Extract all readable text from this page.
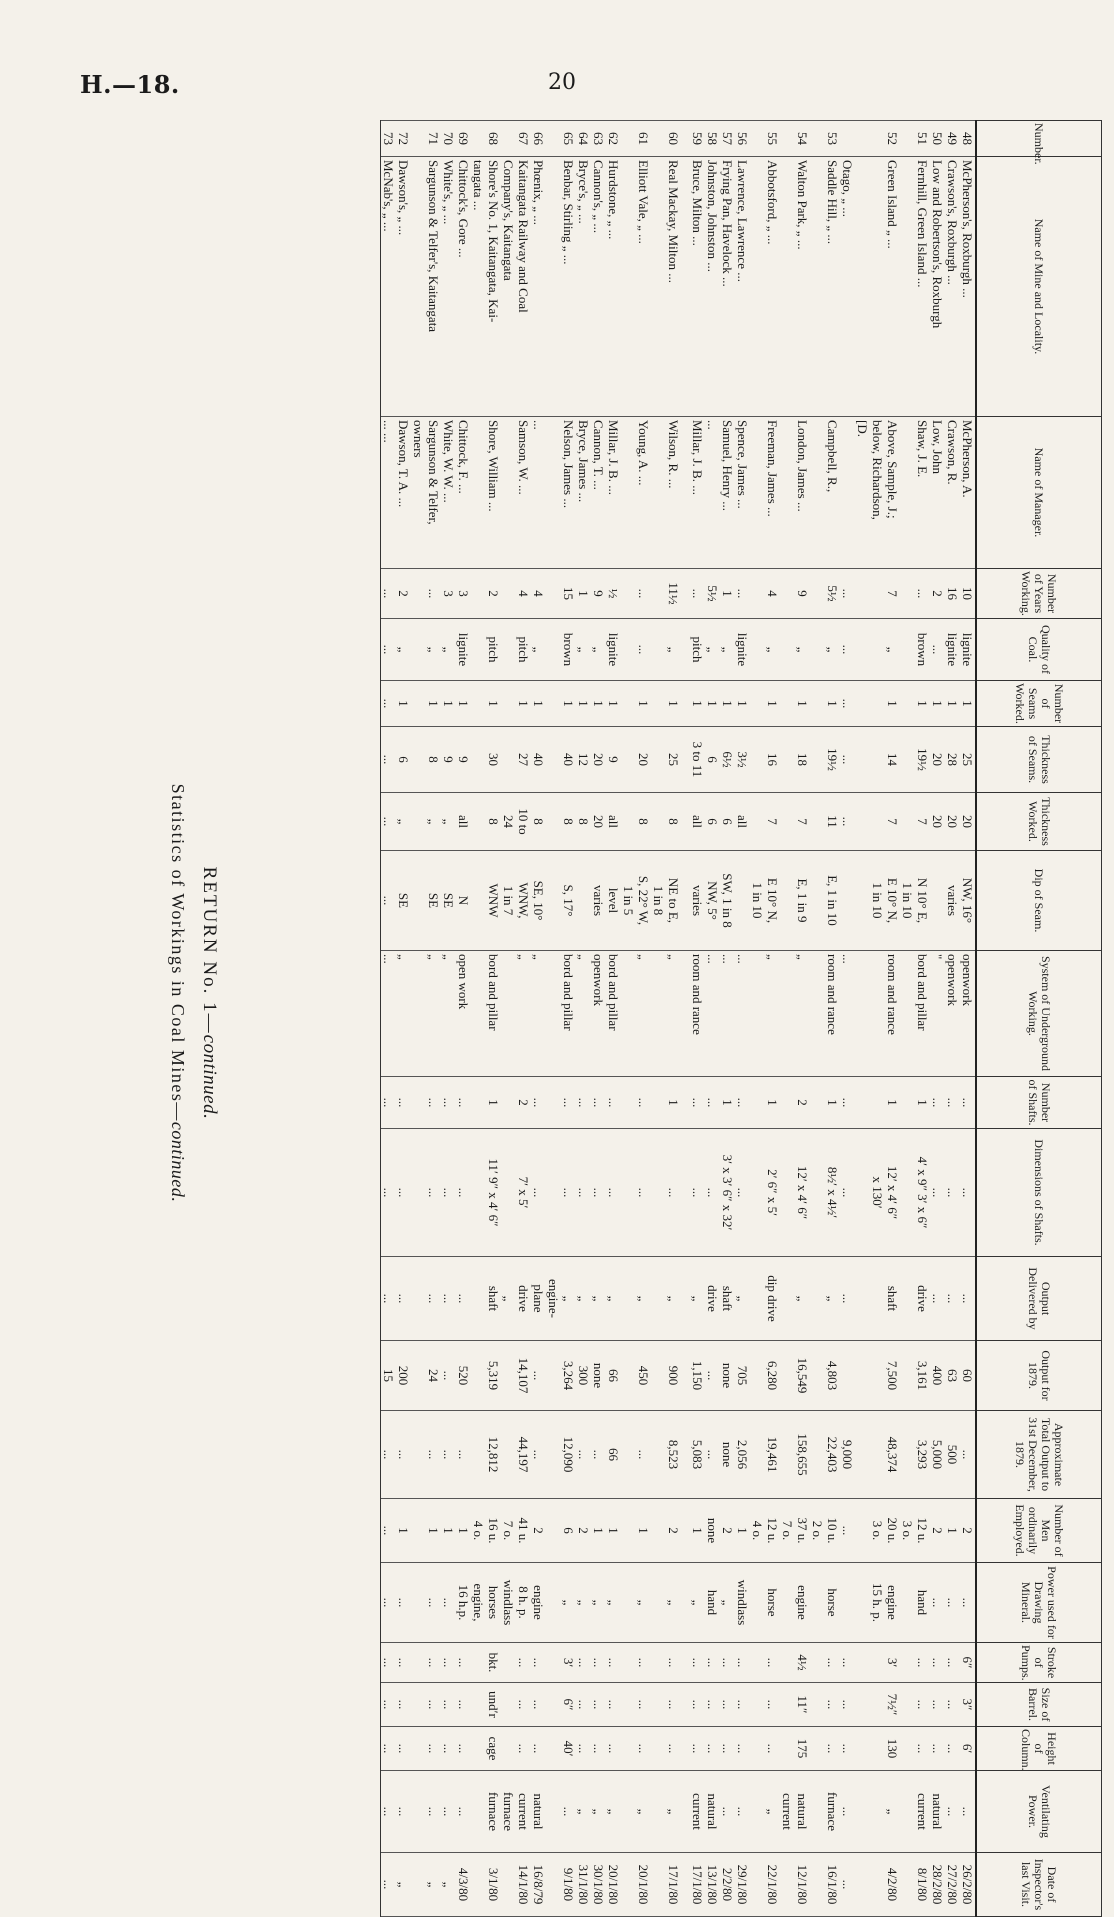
H.—18.	20
Number.	Name of Mine and Locality.	Name of Manager.	Number of Years Working.	Quality of Coal.	Number of Seams Worked.	Thickness of Seams.	Thickness Worked.	Dip of Seam.	System of Underground Working.	Number of Shafts.	Dimensions of Shafts.	Output Delivered by	Output for 1879.	Approximate Total Output to 31st December, 1879.	Number of Men ordinarily Employed.	Power used for Drawing Mineral.	Stroke of Pumps.	Size of Barrel.	Height of Column.	Ventilating Power.	Date of Inspector's last Visit.
48	McPherson's, Roxburgh ...	McPherson, A.	10	lignite	1	25	20	NW, 16°	openwork	...	...	...	60	...	2	...	6″	3″	6′	...	26/2/80
49	Crawson's, Roxburgh ...	Crawson, R.	16	lignite	1	28	20	varies	openwork	...	...	...	63	500	1	...	...	...	...	...	27/2/80
50	Low and Robertson's, Roxburgh	Low, John	2	...	1	20	20		"	...	...	...	400	5,000	2	...	...	...	...	natural	28/2/80
51	Fernhill, Green Island ...	Shaw, J. E.	...	brown	1	19½	7	N 10° E,	bord and pillar	1	4′ x 9″ 3′ x 6″	drive	3,161	3,293	12 u.	hand	...	...	...	current	8/1/80
								1 in 10							3 o.						
52	Green Island „ ...	Above, Sample, J.;	7	„	1	14	7	E 10° N,	room and rance	1	12′ x 4′ 6″	shaft	7,500	48,374	20 u.	engine	3′	7½″	130	„	4/2/80
		below, Richardson,						1 in 10			x 130′				3 o.	15 h. p.					
		[D.																			
	Otago, „ ...		...	...	...	...	...		...	...	...	...		9,000	...		...	...	...	...	...
53	Saddle Hill, „ ...	Campbell, R.,	5½	„	1	19½	11	E, 1 in 10	room and rance	1	8½′ x 4½′	„	4,803	22,403	10 u.	horse	...	...	...	furnace	16/1/80
															2 o.						
54	Walton Park, „ ...	London, James ...	9	„	1	18	7	E, 1 in 9	„	2	12′ x 4′ 6″	„	16,549	158,655	37 u.	engine	4½	11″	175	natural	12/1/80
															7 o.					current	
55	Abbotsford, „ ...	Freeman, James ...	4	„	1	16	7	E 10° N,	„	1	2′ 6″ x 5′	dip drive	6,280	19,461	12 u.	horse	...	...	...	„	22/1/80
								1 in 10							4 o.						
56	Lawrence, Lawrence ...	Spence, James ...	...	lignite	1	3½	all		...	...	...	„	705	2,056	1	windlass	...	...	...	...	29/1/80
57	Frying Pan, Havelock ...	Samuel, Henry ...	1	„	1	6½	6	SW, 1 in 8	...	1	3′ x 3′ 6″ x 32′	shaft	none	none	2	„	...	...	...	...	2/2/80
58	Johnston, Johnston ...	...	5½	„	1	6	6	NW, 5°	...	...	...	drive	...	...	none	hand	...	...	...	natural	13/1/80
59	Bruce, Milton ...	Millar, J. B. ...	...	pitch	1	3 to 11	all	varies	room and rance	...	...	„	1,150	5,083	1	„	...	...	...	current	17/1/80

60	Real Mackay, Milton ...	Wilson, R. ...	11½	„	1	25	8	NE to E,	„	1	...	„	900	8,523	2	„	...	...	...	„	17/1/80
								1 in 8													
61	Elliott Vale, „ ...	Young, A. ...	...	...	1	20	8	S, 22° W,	„	...	...	„	450	...	1	„	...	...	...	„	20/1/80
								1 in 5													
62	Hurdstone, „ ...	Millar, J. B. ...	½	lignite	1	9	all	level	bord and pillar	...	...	„	66	66	1	„	...	...	...	„	20/1/80
63	Cannon's, „ ...	Cannon, T. ...	9	„	1	20	20	varies	openwork	...	...	„	none	...	1	„	...	...	...	„	30/1/80
64	Bryce's, „ ...	Bryce, James ...	1	„	1	12	8		„	...	...	„	300	...	2	„	...	...	...	„	31/1/80
65	Benbar, Stirling „ ...	Nelson, James ...	15	brown	1	40	8	S, 17°	bord and pillar	...	...	„	3,264	12,090	6	„	3′	6″	40′	...	9/1/80
												engine-									
66	Phœnix, „ ...	...	4	„	1	40	8	SE, 10°	„	...	...	plane	...	...	2	engine	...	...	...	natural	16/8/79
67	Kaitangata Railway and Coal	Samson, W. ...	4	pitch	1	27	10 to	WNW,	„	2	7′ x 5′	drive	14,107	44,197	41 u.	8 h. p.	...	...	...	current	14/1/80
	Company's, Kaitangata						24	1 in 7				„			7 o.	windlass				furnace	
68	Shore's No. 1, Kaitangata, Kai-	Shore, William ...	2	pitch	1	30	8	WNW	bord and pillar	1	11′ 9″ x 4′ 6″	shaft	5,319	12,812	16 u.	horses	bkt.	und′r	cage	furnace	3/1/80
	tangata ...														4 o.	engine,					
69	Chittock's, Gore ...	Chittock, F. ...	3	lignite	1	9	all	N	open work	...	...	...	520	...	1	16 h.p.	...	...	...	...	4/3/80
70	White's, „ ...	White, W. W. ...	3	„	1	9	„	SE	„	...	...	...	...	...	1	...	...	...	...	...	„
71	Sargunson & Telfer's, Kaitangata	Sargunson & Telfer,	...	„	1	8	„	SE	„	...	...	...	24	...	1	...	...	...	...	...	„
		owners																			
72	Dawson's, „ ...	Dawson, T. A. ...	2	„	1	6	„	SE	„	...	...	...	200	...	1	...	...	...	...	...	„
73	McNab's, „ ...	... ...	...	...	...	...	...	...	...	...	...	...	15	...	...	...	...	...	...	...	...
RETURN No. 1—continued.
Statistics of Workings in Coal Mines—continued.
